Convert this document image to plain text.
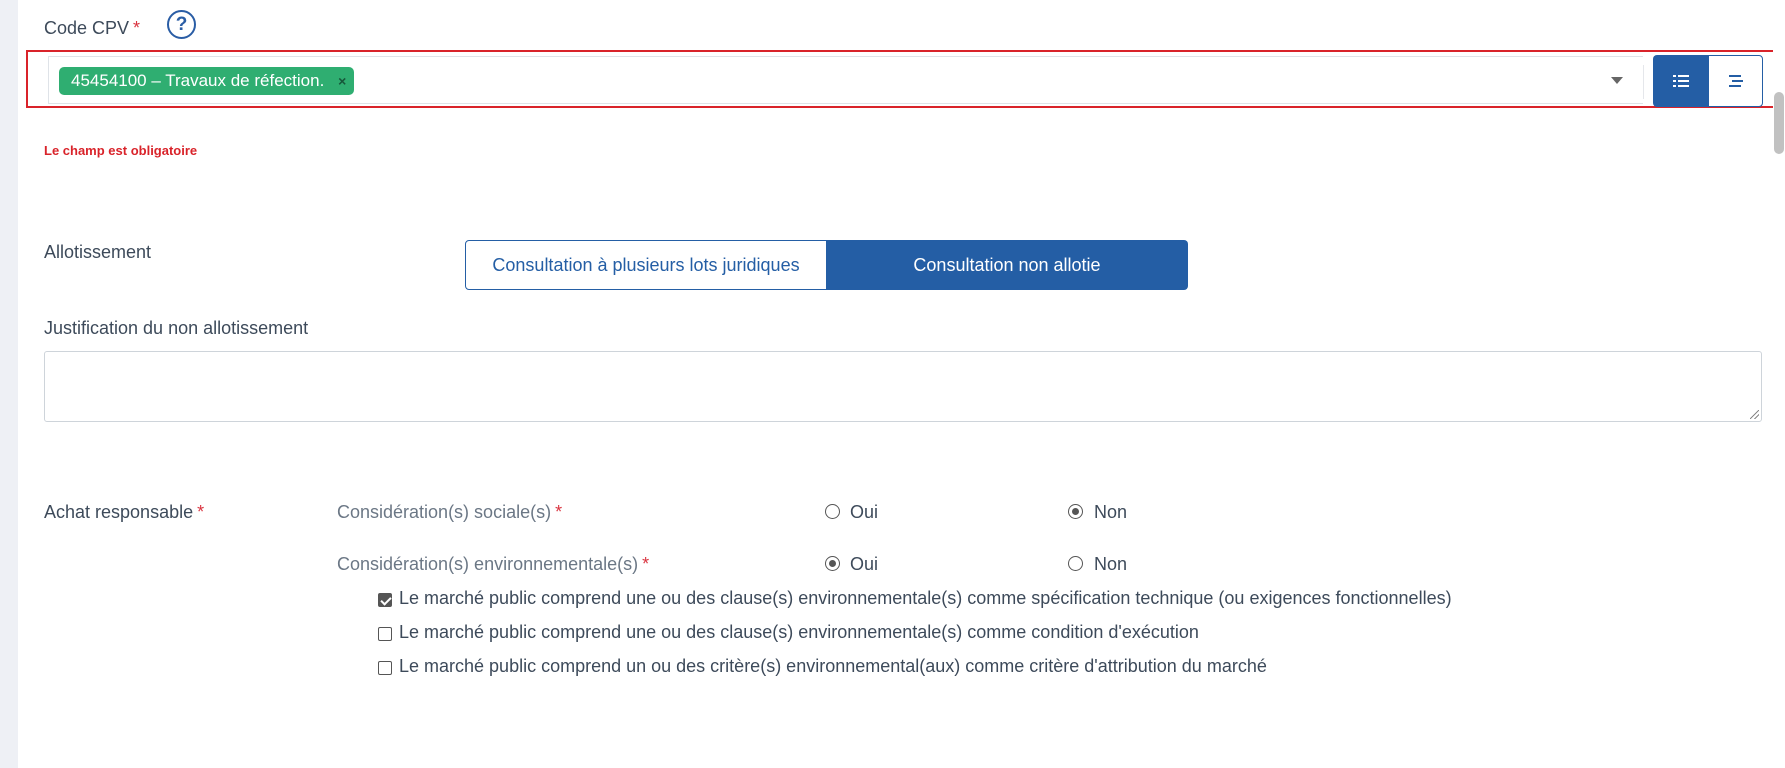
Code CPV *	?
45454100 – Travaux de réfection. ×
Le champ est obligatoire
Allotissement
Consultation à plusieurs lots juridiques	Consultation non allotie
Justification du non allotissement
Achat responsable *	Considération(s) sociale(s) *	Oui	Non
Considération(s) environnementale(s) *	Oui	Non
Le marché public comprend une ou des clause(s) environnementale(s) comme spécification technique (ou exigences fonctionnelles)
Le marché public comprend une ou des clause(s) environnementale(s) comme condition d'exécution
Le marché public comprend un ou des critère(s) environnemental(aux) comme critère d'attribution du marché
